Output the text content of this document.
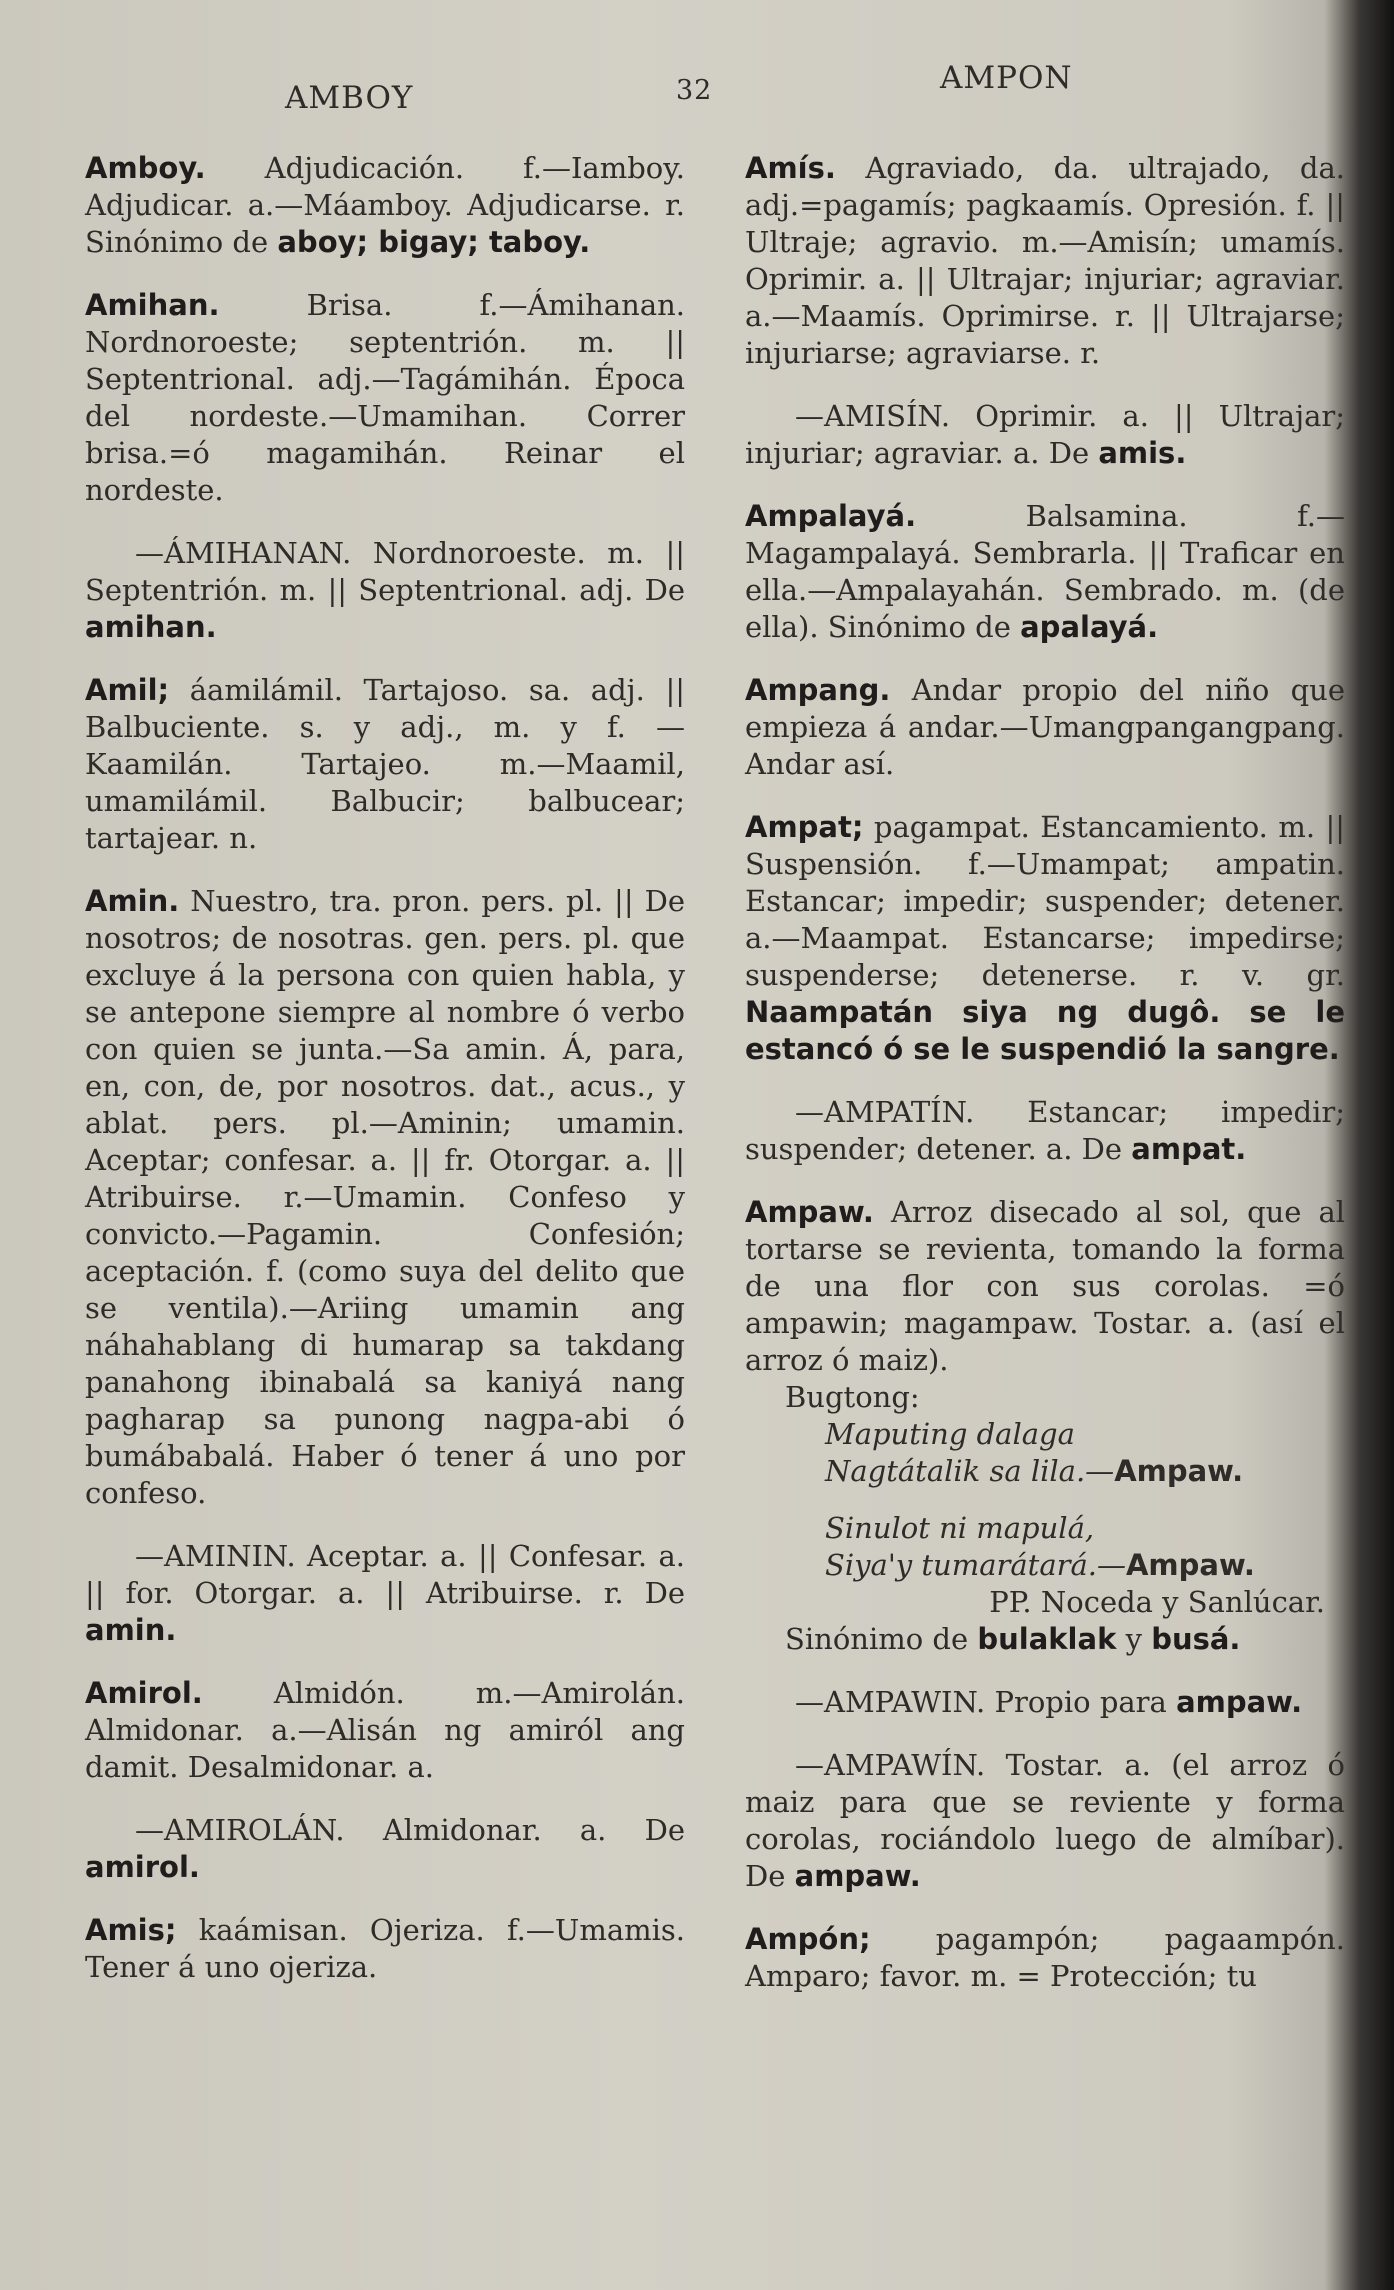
AMBOY	32	AMPON

Amboy. Adjudicación. f.—Iamboy. Adjudicar. a.—Máamboy. Adjudicarse. r. Sinónimo de aboy; bigay; taboy.

Amihan.	Brisa. f.—Ámihanan. Nordnoroeste; septentrión. m. || Septentrional. adj.—Tagámihán. Época del nordeste.—Umamihan. Correr brisa.=ó magamihán. Reinar el nordeste.

—ÁMIHANAN. Nordnoroeste. m. || Septentrión. m. || Septentrional. adj. De amihan.

Amil; áamilámil. Tartajoso. sa. adj. || Balbuciente. s. y adj., m. y f. —Kaamilán. Tartajeo. m.—Maamil, umamilámil. Balbucir; balbucear; tartajear. n.

Amin. Nuestro, tra. pron. pers. pl. || De nosotros; de nosotras. gen. pers. pl. que excluye á la persona con quien habla, y se antepone siempre al nombre ó verbo con quien se junta.—Sa amin. Á, para, en, con, de, por nosotros. dat., acus., y ablat. pers. pl.—Aminin; umamin. Aceptar; confesar. a. || fr. Otorgar. a. || Atribuirse. r.—Umamin. Confeso y convicto.—Pagamin. Confesión; aceptación. f. (como suya del delito que se ventila).—Ariing umamin ang náhahablang di humarap sa takdang panahong ibinabalá sa kaniyá nang pagharap sa punong nagpa-abi ó bumábabalá. Haber ó tener á uno por confeso.

—AMININ. Aceptar. a. || Confesar. a. || for. Otorgar. a. || Atribuirse. r. De amin.

Amirol. Almidón. m.—Amirolán. Almidonar. a.—Alisán ng amiról ang damit. Desalmidonar. a.

—AMIROLÁN. Almidonar. a. De amirol.

Amis; kaámisan. Ojeriza. f.—Umamis. Tener á uno ojeriza.

Amís. Agraviado, da. ultrajado, da. adj.=pagamís; pagkaamís. Opresión. f. || Ultraje; agravio. m.—Amisín; umamís. Oprimir. a. || Ultrajar; injuriar; agraviar. a.—Maamís. Oprimirse. r. || Ultrajarse; injuriarse; agraviarse. r.

—AMISÍN. Oprimir. a. || Ultrajar; injuriar; agraviar. a. De amis.

Ampalayá.	Balsamina. f.—Magampalayá. Sembrarla. || Traficar en ella.—Ampalayahán. Sembrado. m. (de ella). Sinónimo de apalayá.

Ampang. Andar propio del niño que empieza á andar.—Umangpangangpang. Andar así.

Ampat; pagampat. Estancamiento. m. || Suspensión. f.—Umampat; ampatin. Estancar; impedir; suspender; detener. a.—Maampat. Estancarse; impedirse; suspenderse; detenerse. r. v. gr. Naampatán siya ng dugô. se le estancó ó se le suspendió la sangre.

—AMPATÍN. Estancar; impedir; suspender; detener. a. De ampat.

Ampaw. Arroz disecado al sol, que al tortarse se revienta, tomando la forma de una flor con sus corolas. =ó ampawin; magampaw. Tostar. a. (así el arroz ó maiz).
Bugtong:
Maputing dalaga
Nagtátalik sa lila.—Ampaw.
Sinulot ni mapulá,
Siya'y tumarátará.—Ampaw.
PP. Noceda y Sanlúcar.
Sinónimo de bulaklak y busá.

—AMPAWIN. Propio para ampaw.

—AMPAWÍN. Tostar. a. (el arroz ó maiz para que se reviente y forma corolas, rociándolo luego de almíbar). De ampaw.

Ampón; pagampón; pagaampón. Amparo; favor. m. = Protección; tu
